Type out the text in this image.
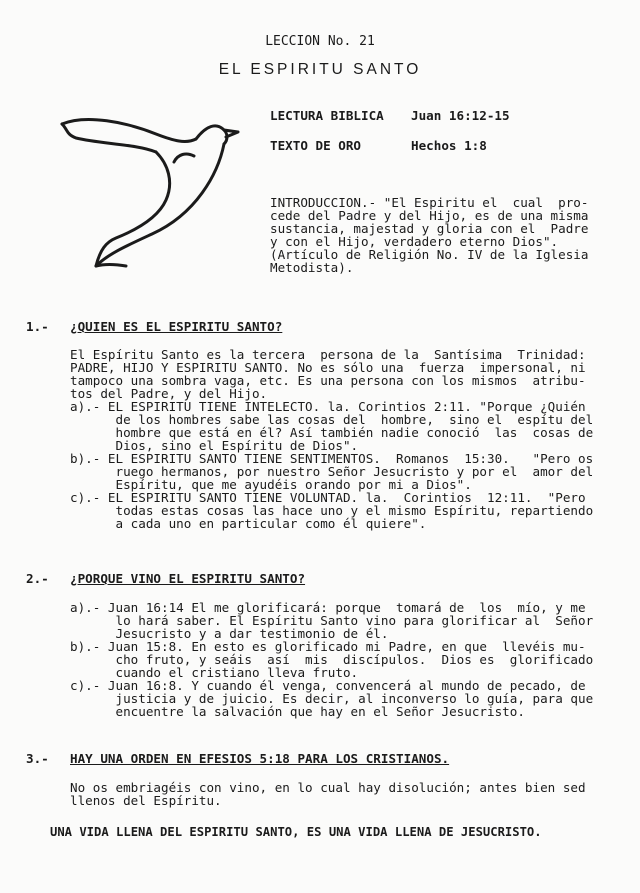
LECCION No. 21
EL ESPIRITU SANTO
LECTURA BIBLICA Juan 16:12-15
TEXTO DE ORO	Hechos 1:8
INTRODUCCION.- "El Espiritu el  cual  pro-
cede del Padre y del Hijo, es de una misma
sustancia, majestad y gloria con el  Padre
y con el Hijo, verdadero eterno Dios".
(Artículo de Religión No. IV de la Iglesia
Metodista).
1.- ¿QUIEN ES EL ESPIRITU SANTO?
El Espíritu Santo es la tercera  persona de la  Santísima  Trinidad:
PADRE, HIJO Y ESPIRITU SANTO. No es sólo una  fuerza  impersonal, ni
tampoco una sombra vaga, etc. Es una persona con los mismos  atribu-
tos del Padre, y del Hijo.
a).- EL ESPIRITU TIENE INTELECTO. la. Corintios 2:11. "Porque ¿Quién
de los hombres sabe las cosas del  hombre,  sino el  espítu del
hombre que está en él? Así también nadie conoció  las  cosas de
Dios, sino el Espíritu de Dios".
b).- EL ESPIRITU SANTO TIENE SENTIMENTOS.  Romanos  15:30.   "Pero os
ruego hermanos, por nuestro Señor Jesucristo y por el  amor del
Espíritu, que me ayudéis orando por mi a Dios".
c).- EL ESPIRITU SANTO TIENE VOLUNTAD. la.  Corintios  12:11.  "Pero
todas estas cosas las hace uno y el mismo Espíritu, repartiendo
a cada uno en particular como él quiere".
2.- ¿PORQUE VINO EL ESPIRITU SANTO?
a).- Juan 16:14 El me glorificará: porque  tomará de  los  mío, y me
lo hará saber. El Espíritu Santo vino para glorificar al  Señor
Jesucristo y a dar testimonio de él.
b).- Juan 15:8. En esto es glorificado mi Padre, en que  llevéis mu-
cho fruto, y seáis  así  mis  discípulos.  Dios es  glorificado
cuando el cristiano lleva fruto.
c).- Juan 16:8. Y cuando él venga, convencerá al mundo de pecado, de
justicia y de juicio. Es decir, al inconverso lo guía, para que
encuentre la salvación que hay en el Señor Jesucristo.
3.- HAY UNA ORDEN EN EFESIOS 5:18 PARA LOS CRISTIANOS.
No os embriagéis con vino, en lo cual hay disolución; antes bien sed
llenos del Espíritu.
UNA VIDA LLENA DEL ESPIRITU SANTO, ES UNA VIDA LLENA DE JESUCRISTO.
